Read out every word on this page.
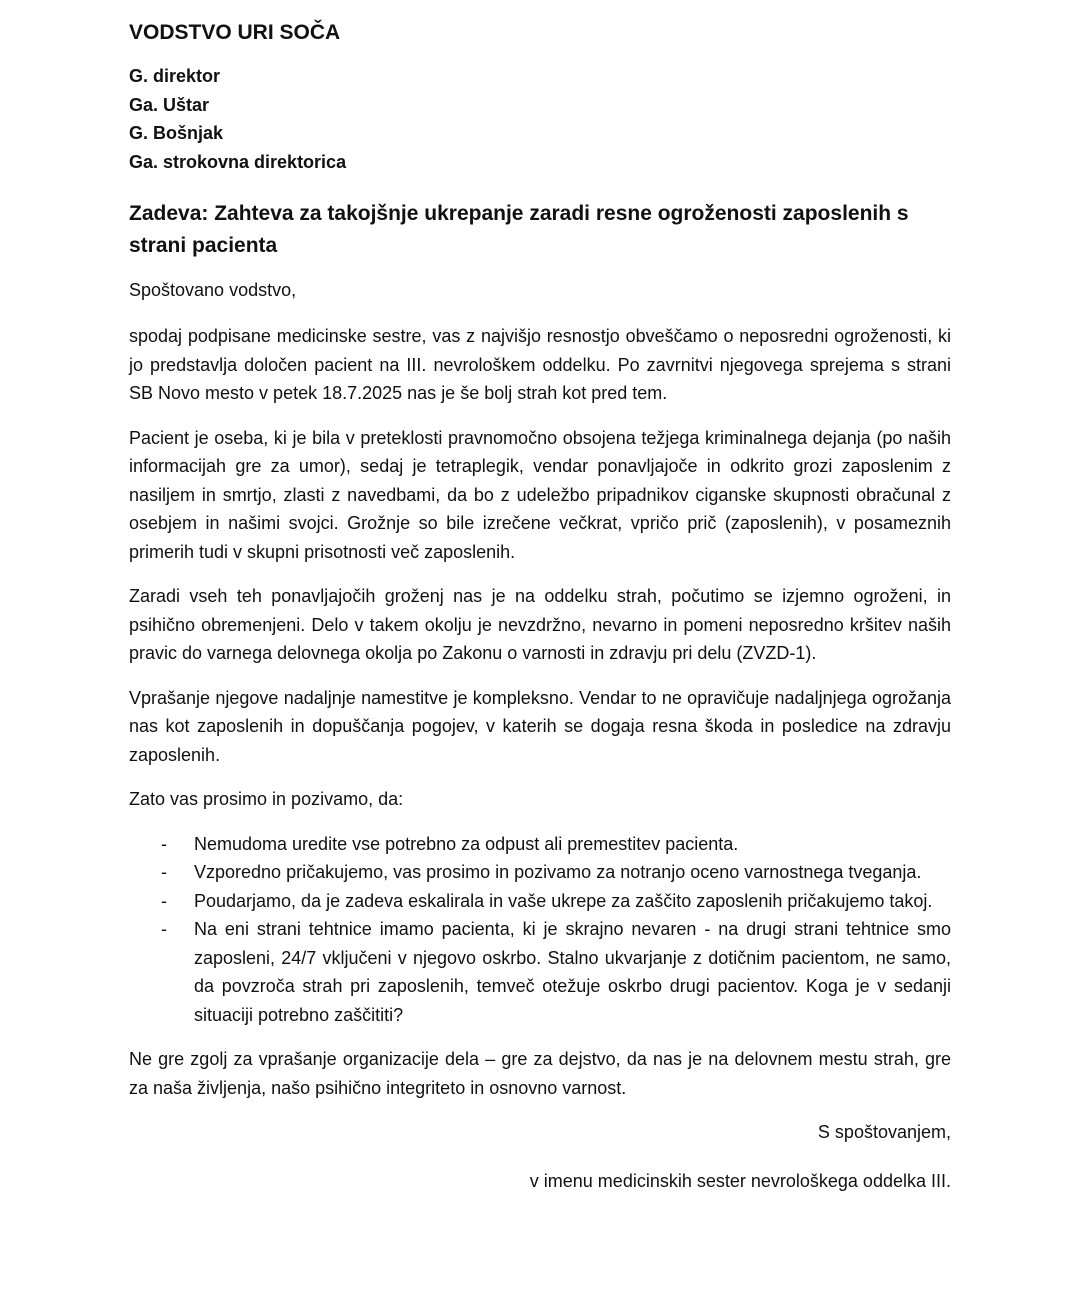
VODSTVO URI SOČA
G. direktor
Ga. Uštar
G. Bošnjak
Ga. strokovna direktorica
Zadeva: Zahteva za takojšnje ukrepanje zaradi resne ogroženosti zaposlenih s strani pacienta
Spoštovano vodstvo,

spodaj podpisane medicinske sestre, vas z najvišjo resnostjo obveščamo o neposredni ogroženosti, ki jo predstavlja določen pacient na III. nevrološkem oddelku. Po zavrnitvi njegovega sprejema s strani SB Novo mesto v petek 18.7.2025 nas je še bolj strah kot pred tem.

Pacient je oseba, ki je bila v preteklosti pravnomočno obsojena težjega kriminalnega dejanja (po naših informacijah gre za umor), sedaj je tetraplegik, vendar ponavljajoče in odkrito grozi zaposlenim z nasiljem in smrtjo, zlasti z navedbami, da bo z udeležbo pripadnikov ciganske skupnosti obračunal z osebjem in našimi svojci. Grožnje so bile izrečene večkrat, vpričo prič (zaposlenih), v posameznih primerih tudi v skupni prisotnosti več zaposlenih.

Zaradi vseh teh ponavljajočih groženj nas je na oddelku strah, počutimo se izjemno ogroženi, in psihično obremenjeni. Delo v takem okolju je nevzdržno, nevarno in pomeni neposredno kršitev naših pravic do varnega delovnega okolja po Zakonu o varnosti in zdravju pri delu (ZVZD-1).

Vprašanje njegove nadaljnje namestitve je kompleksno. Vendar to ne opravičuje nadaljnjega ogrožanja nas kot zaposlenih in dopuščanja pogojev, v katerih se dogaja resna škoda in posledice na zdravju zaposlenih.

Zato vas prosimo in pozivamo, da:

- Nemudoma uredite vse potrebno za odpust ali premestitev pacienta.
- Vzporedno pričakujemo, vas prosimo in pozivamo za notranjo oceno varnostnega tveganja.
- Poudarjamo, da je zadeva eskalirala in vaše ukrepe za zaščito zaposlenih pričakujemo takoj.
- Na eni strani tehtnice imamo pacienta, ki je skrajno nevaren - na drugi strani tehtnice smo zaposleni, 24/7 vključeni v njegovo oskrbo. Stalno ukvarjanje z dotičnim pacientom, ne samo, da povzroča strah pri zaposlenih, temveč otežuje oskrbo drugi pacientov. Koga je v sedanji situaciji potrebno zaščititi?

Ne gre zgolj za vprašanje organizacije dela – gre za dejstvo, da nas je na delovnem mestu strah, gre za naša življenja, našo psihično integriteto in osnovno varnost.

S spoštovanjem,
v imenu medicinskih sester nevrološkega oddelka III.
